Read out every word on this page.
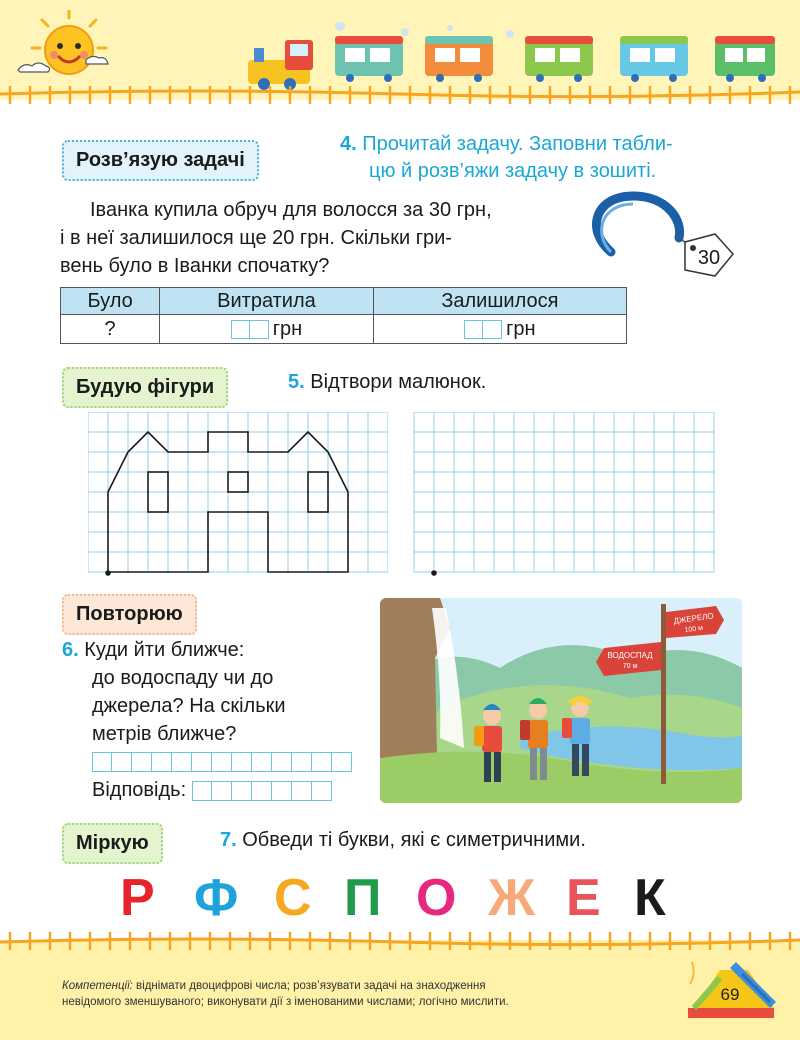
Розв’язую задачі
4. Прочитай задачу. Заповни табли-
цю й розв’яжи задачу в зошиті.
Іванка купила обруч для волосся за 30 грн,
і в неї залишилося ще 20 грн. Скільки гри-
вень було в Іванки спочатку?	30
Було	Витратила	Залишилося
?	грн	грн
Будую фігури	5. Відтвори малюнок.
Повторюю
6. Куди йти ближче:
до водоспаду чи до
джерела? На скільки
метрів ближче?
Відповідь:
ДЖЕРЕЛО
100 м
ВОДОСПАД
70 м
Міркую	7. Обведи ті букви, які є симетричними.
Р Ф С П О Ж Е К
Компетенції: віднімати двоцифрові числа; розв’язувати задачі на знаходження
невідомого зменшуваного; виконувати дії з іменованими числами; логічно мислити.	69
